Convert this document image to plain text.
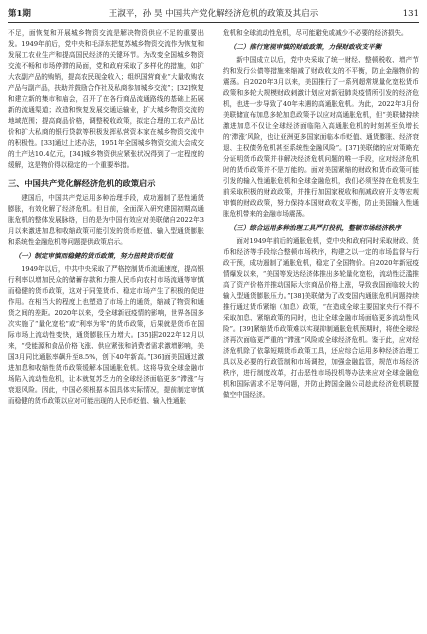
第1期	王淑平，孙 昊 中国共产党化解经济危机的政策及其启示	131

不足，面恢复和开展城乡物资交流是解决物资供应不足的重要出发。1949年前后，党中央和毛泽东把复苏城乡物资交流作为恢复和发展工农业生产和提高国民经济的关键环节。为改变全国城乡物资交流不畅和市场停滞的局面，党和政府采取了多样化的措施，如扩大农副产品的购销，提高农民现金收入；组织国营商业“大量收购农产品与副产品，扶助并鼓励合作社及私商参加城乡交流”；[32]恢复和建立新的集市和庙会，召开了在各行商品流通路线的基础上拓展新的流通渠道；改造和恢复发展交通运输业，扩大城乡物资交流的地域范围；提高商品价格，调整税收政策，拟定合理的工农产品比价和扩大私商的银行贷款等积极发挥私营资本家在城乡物资交流中的积极性。[33]通过上述办法，1951年全国城乡物资交流大会成交的土产达10.4亿元，[34]城乡物资供应紧张状况得到了一定程度的缓解，这是物价得以稳定的一个重要举措。

三、中国共产党化解经济危机的政策启示

建国后，中国共产党运用多种治理手段，成功遏制了恶性通货膨胀，有效化解了经济危机。但目前，全面深入研究建国初期高通胀危机的整体发展脉络，目的是为中国有效应对美联储自2022年3月以来激进加息和收缩政策可能引发的货币贬值、输入型通货膨胀和系统性金融危机等问题提供政策启示。

（一）制定审慎而稳健的货币政策，努力扭转货币贬值

1949年以后，中共中央采取了严格控制货币流通速度，提高银行利率以增加民众的储蓄存款和力推人民币向农村市场流通等审慎而稳健的货币政策，这对于同笼货币、稳定市场产生了积极的促进作用。在相当大的程度上也塑造了市场上的通货，缩减了物资和通货之间的差距。2020年以来，受全球新冠疫情的影响，世界各国多次实施了“量化宽松”或“利率为零”的货币政策，后果就是货币在国际市场上流动性变快，通货膨胀压力增大。[35]据2022年12月以来，“受能源和食品价格飞涨、供应紧张和消费者需求激增影响，美国3月同比通胀率飙升至8.5%，创下40年新高。”[36]面美国通过激进加息和收缩性货币政策缓解本国通胀危机。这将导致全球金融市场陷入流动性危机，让本就复苏乏力的全球经济面临更多“滞涨”与衰退风险。因此，中国必须根据本国具体实际情况，提前制定审慎而稳健的货币政策以应对可能出现的人民币贬值、输入性通胀

危机和全球流动性危机，尽可能避免或减少不必要的经济损失。

（二）推行宽视审慎的财政政策，力保财政收支平衡

新中国成立以后，党中央采取了统一财经、整顿税收、增产节约和发行公债等措施来缩减了财政收支的不平衡，防止金融物价的震荡。自2020年3月以来，美国推行了一系列超常规量化宽松货币政策和多轮大规模财政刺激计划应对新冠肺炎疫情所引发的经济危机，也进一步导致了40年未遇的高通胀危机。为此，2022年3月份美联储宣布加息多轮加息政策予以应对高通胀危机，但“美联储持续激进加息不仅让全球经济面临陷入高通胀危机的时刻甚至负增长的‘滞涨’风险，也让亚洲更多国家面临本币贬值、通货膨胀、经济衰退、主权债务危机甚至系统性金融风险”。[37]美联储的应对策略充分证明货币政策并非解决经济危机问题的唯一手段，应对经济危机时的货币政策并不是万能的。面对美国紧缩的财政和货币政策可能引发的输入性通胀危机和全球金融危机，我们必须坚持在危机发生前采取积极的财政政策，并推行加国家税收和削减政府开支等宏观审慎的财政政策，努力保持本国财政收支平衡，防止美国输入性通胀危机带来的金融市场震荡。

（三）综合运用多种治理工具严打投机，整顿市场经济秩序

面对1949年前后的通胀危机，党中央和政府同时采取财政、货币和经济等手段综合整顿市场秩序，构建之以一定的市场监督与行政干预，成功遏制了通胀危机，稳定了全国物价。自2020年新冠疫情爆发以来，“美国等发达经济体推出多轮量化宽松，流动性泛滥推高了资产价格并推动国际大宗商品价格上涨，导致我国面临较大的输入型通货膨胀压力。”[38]美联储为了改变国内通胀危机问题持续推行通过货币紧缩（加息）政策，“在造成全球主要国家央行不得不采取加息、紧缩政策的同时，也让全球金融市场面临更多流动性风险”。[39]紧缩货币政策难以实现抑制通胀危机预期时，将使全球经济再次面临更严重的“滞涨”风险或全球经济危机。鉴于此，应对经济危机除了依靠短期货币政策工具，还应综合运用多种经济治理工具以及必要的行政管制和市场调控，加强金融监管，规范市场经济秩序，进行制度改革，打击恶性市场投机等办法来应对全球金融危机和国际需求不足等问题，并防止跨国金融公司趁此经济危机联盟做空中国经济。
